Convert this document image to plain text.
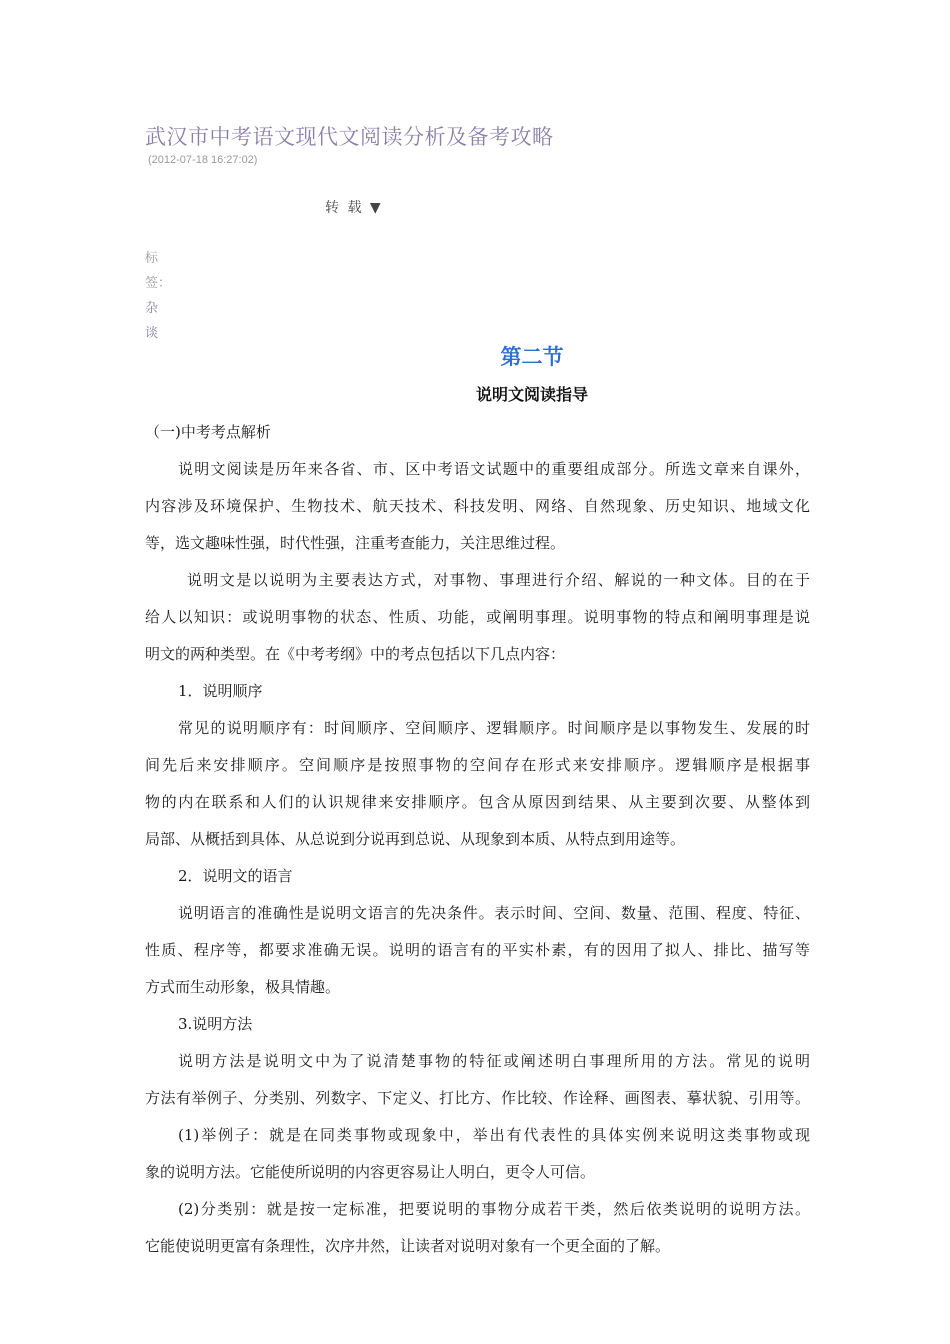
武汉市中考语文现代文阅读分析及备考攻略
(2012-07-18 16:27:02)
转 载 ▼
标签：
杂谈
第二节
说明文阅读指导
（一)中考考点解析
说明文阅读是历年来各省、市、区中考语文试题中的重要组成部分。所选文章来自课外，
内容涉及环境保护、生物技术、航天技术、科技发明、网络、自然现象、历史知识、地域文化
等，选文趣味性强，时代性强，注重考查能力，关注思维过程。
说明文是以说明为主要表达方式，对事物、事理进行介绍、解说的一种文体。目的在于
给人以知识：或说明事物的状态、性质、功能，或阐明事理。说明事物的特点和阐明事理是说
明文的两种类型。在《中考考纲》中的考点包括以下几点内容：
1．说明顺序
常见的说明顺序有：时间顺序、空间顺序、逻辑顺序。时间顺序是以事物发生、发展的时
间先后来安排顺序。空间顺序是按照事物的空间存在形式来安排顺序。逻辑顺序是根据事
物的内在联系和人们的认识规律来安排顺序。包含从原因到结果、从主要到次要、从整体到
局部、从概括到具体、从总说到分说再到总说、从现象到本质、从特点到用途等。
2．说明文的语言
说明语言的准确性是说明文语言的先决条件。表示时间、空间、数量、范围、程度、特征、
性质、程序等，都要求准确无误。说明的语言有的平实朴素，有的因用了拟人、排比、描写等
方式而生动形象，极具情趣。
3.说明方法
说明方法是说明文中为了说清楚事物的特征或阐述明白事理所用的方法。常见的说明
方法有举例子、分类别、列数字、下定义、打比方、作比较、作诠释、画图表、摹状貌、引用等。
(1)举例子：就是在同类事物或现象中，举出有代表性的具体实例来说明这类事物或现
象的说明方法。它能使所说明的内容更容易让人明白，更令人可信。
(2)分类别：就是按一定标准，把要说明的事物分成若干类，然后依类说明的说明方法。
它能使说明更富有条理性，次序井然，让读者对说明对象有一个更全面的了解。
